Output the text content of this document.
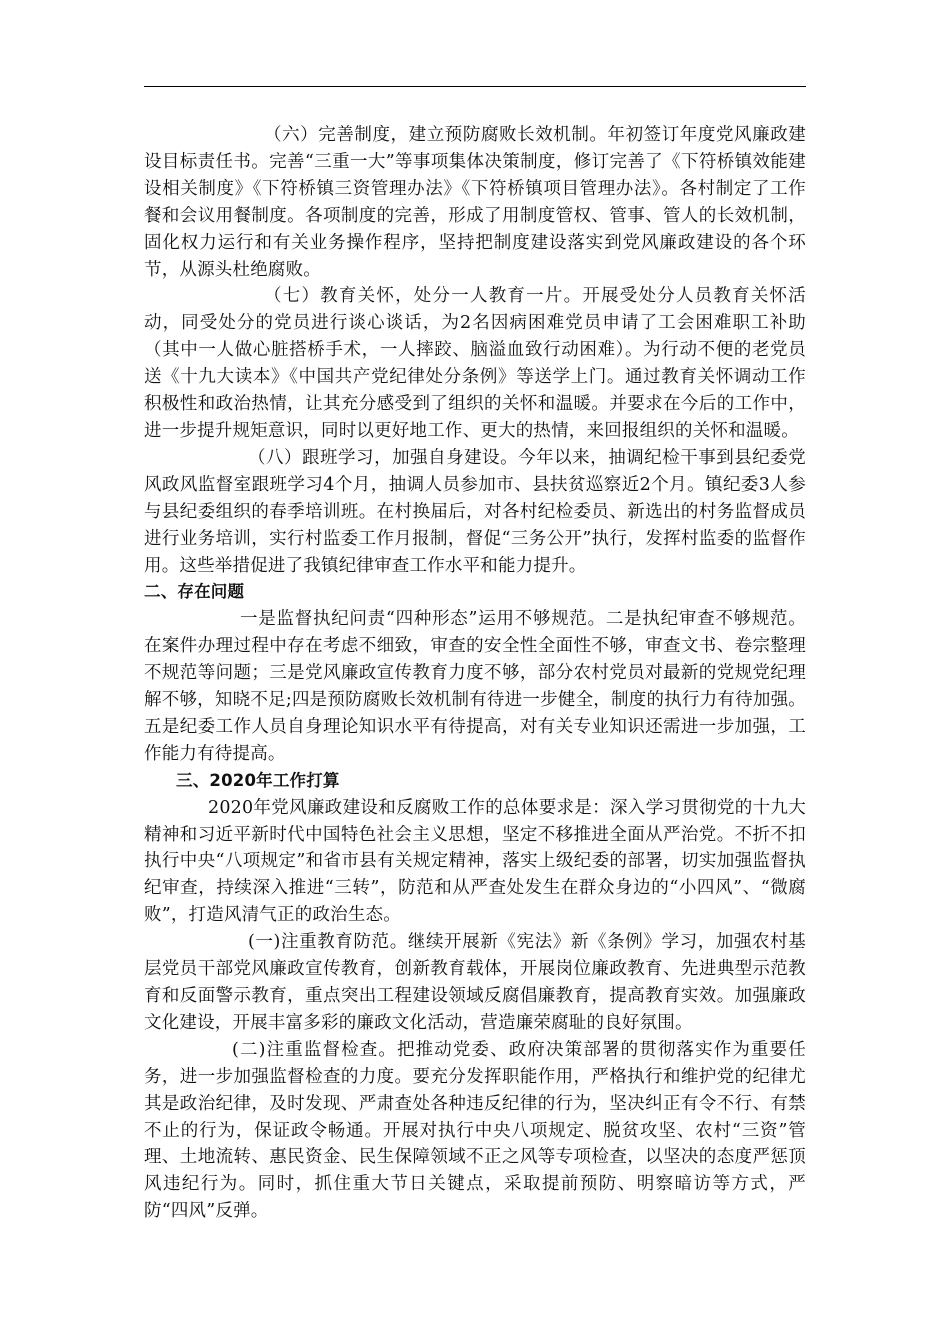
（六）完善制度，建立预防腐败长效机制。年初签订年度党风廉政建设目标责任书。完善“三重一大”等事项集体决策制度，修订完善了《下符桥镇效能建设相关制度》《下符桥镇三资管理办法》《下符桥镇项目管理办法》。各村制定了工作餐和会议用餐制度。各项制度的完善，形成了用制度管权、管事、管人的长效机制，固化权力运行和有关业务操作程序，坚持把制度建设落实到党风廉政建设的各个环节，从源头杜绝腐败。

（七）教育关怀，处分一人教育一片。开展受处分人员教育关怀活动，同受处分的党员进行谈心谈话，为2名因病困难党员申请了工会困难职工补助（其中一人做心脏搭桥手术，一人摔跤、脑溢血致行动困难）。为行动不便的老党员送《十九大读本》《中国共产党纪律处分条例》等送学上门。通过教育关怀调动工作积极性和政治热情，让其充分感受到了组织的关怀和温暖。并要求在今后的工作中，进一步提升规矩意识，同时以更好地工作、更大的热情，来回报组织的关怀和温暖。

（八）跟班学习，加强自身建设。今年以来，抽调纪检干事到县纪委党风政风监督室跟班学习4个月，抽调人员参加市、县扶贫巡察近2个月。镇纪委3人参与县纪委组织的春季培训班。在村换届后，对各村纪检委员、新选出的村务监督成员进行业务培训，实行村监委工作月报制，督促“三务公开”执行，发挥村监委的监督作用。这些举措促进了我镇纪律审查工作水平和能力提升。

二、存在问题

一是监督执纪问责“四种形态”运用不够规范。二是执纪审查不够规范。在案件办理过程中存在考虑不细致，审查的安全性全面性不够，审查文书、卷宗整理不规范等问题；三是党风廉政宣传教育力度不够，部分农村党员对最新的党规党纪理解不够，知晓不足;四是预防腐败长效机制有待进一步健全，制度的执行力有待加强。五是纪委工作人员自身理论知识水平有待提高，对有关专业知识还需进一步加强，工作能力有待提高。

三、2020年工作打算

2020年党风廉政建设和反腐败工作的总体要求是：深入学习贯彻党的十九大精神和习近平新时代中国特色社会主义思想，坚定不移推进全面从严治党。不折不扣执行中央“八项规定”和省市县有关规定精神，落实上级纪委的部署，切实加强监督执纪审查，持续深入推进“三转”，防范和从严查处发生在群众身边的“小四风”、“微腐败”，打造风清气正的政治生态。

(一)注重教育防范。继续开展新《宪法》新《条例》学习，加强农村基层党员干部党风廉政宣传教育，创新教育载体，开展岗位廉政教育、先进典型示范教育和反面警示教育，重点突出工程建设领域反腐倡廉教育，提高教育实效。加强廉政文化建设，开展丰富多彩的廉政文化活动，营造廉荣腐耻的良好氛围。

(二)注重监督检查。把推动党委、政府决策部署的贯彻落实作为重要任务，进一步加强监督检查的力度。要充分发挥职能作用，严格执行和维护党的纪律尤其是政治纪律，及时发现、严肃查处各种违反纪律的行为，坚决纠正有令不行、有禁不止的行为，保证政令畅通。开展对执行中央八项规定、脱贫攻坚、农村“三资”管理、土地流转、惠民资金、民生保障领域不正之风等专项检查，以坚决的态度严惩顶风违纪行为。同时，抓住重大节日关键点，采取提前预防、明察暗访等方式，严防“四风”反弹。
